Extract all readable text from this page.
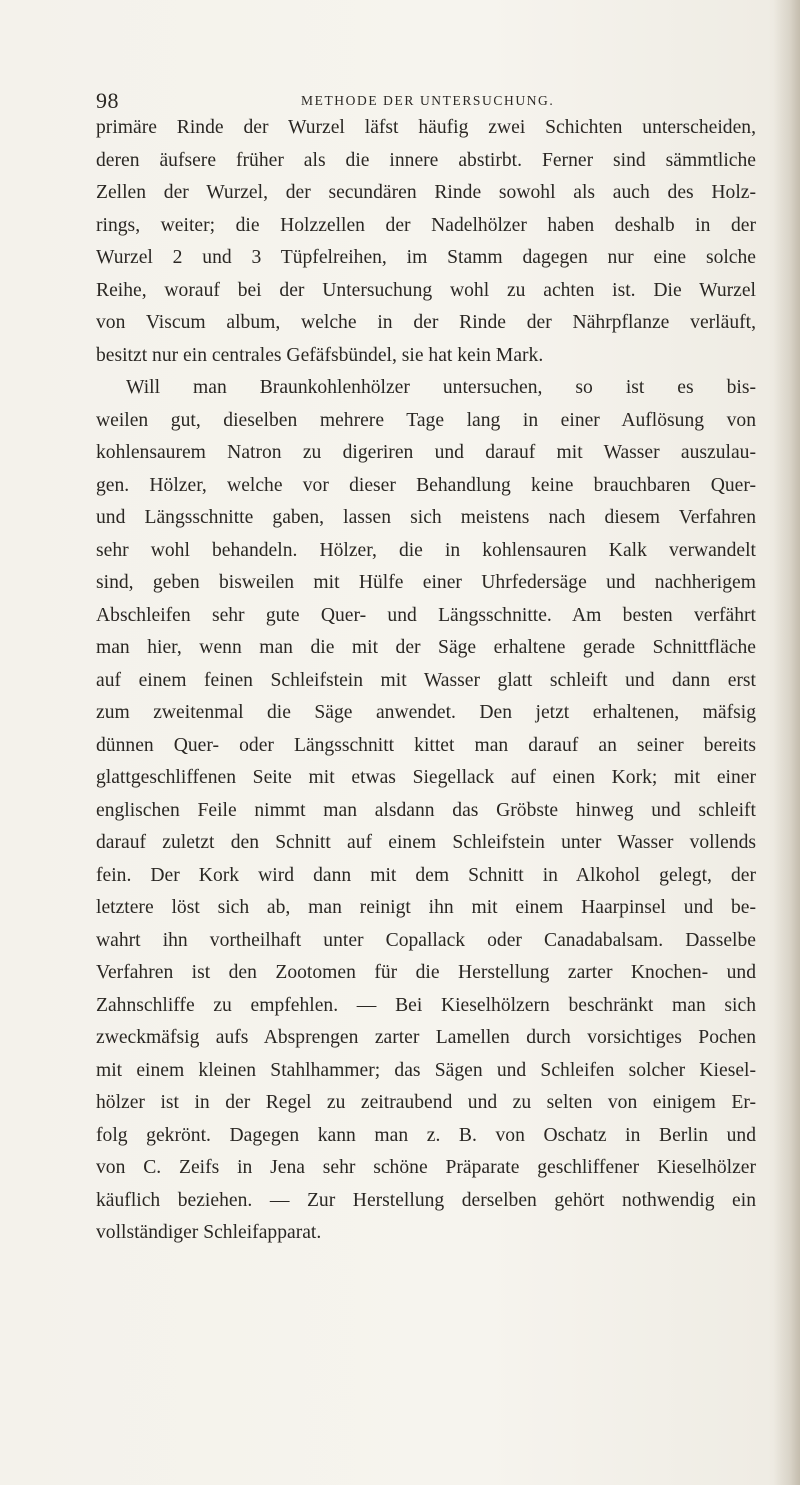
98	METHODE DER UNTERSUCHUNG.
primäre Rinde der Wurzel läfst häufig zwei Schichten unterscheiden,
deren äufsere früher als die innere abstirbt. Ferner sind sämmtliche
Zellen der Wurzel, der secundären Rinde sowohl als auch des Holz-
rings, weiter; die Holzzellen der Nadelhölzer haben deshalb in der
Wurzel 2 und 3 Tüpfelreihen, im Stamm dagegen nur eine solche
Reihe, worauf bei der Untersuchung wohl zu achten ist. Die Wurzel
von Viscum album, welche in der Rinde der Nährpflanze verläuft,
besitzt nur ein centrales Gefäfsbündel, sie hat kein Mark.
Will man Braunkohlenhölzer untersuchen, so ist es bis-
weilen gut, dieselben mehrere Tage lang in einer Auflösung von
kohlensaurem Natron zu digeriren und darauf mit Wasser auszulau-
gen. Hölzer, welche vor dieser Behandlung keine brauchbaren Quer-
und Längsschnitte gaben, lassen sich meistens nach diesem Verfahren
sehr wohl behandeln. Hölzer, die in kohlensauren Kalk verwandelt
sind, geben bisweilen mit Hülfe einer Uhrfedersäge und nachherigem
Abschleifen sehr gute Quer- und Längsschnitte. Am besten verfährt
man hier, wenn man die mit der Säge erhaltene gerade Schnittfläche
auf einem feinen Schleifstein mit Wasser glatt schleift und dann erst
zum zweitenmal die Säge anwendet. Den jetzt erhaltenen, mäfsig
dünnen Quer- oder Längsschnitt kittet man darauf an seiner bereits
glattgeschliffenen Seite mit etwas Siegellack auf einen Kork; mit einer
englischen Feile nimmt man alsdann das Gröbste hinweg und schleift
darauf zuletzt den Schnitt auf einem Schleifstein unter Wasser vollends
fein. Der Kork wird dann mit dem Schnitt in Alkohol gelegt, der
letztere löst sich ab, man reinigt ihn mit einem Haarpinsel und be-
wahrt ihn vortheilhaft unter Copallack oder Canadabalsam. Dasselbe
Verfahren ist den Zootomen für die Herstellung zarter Knochen- und
Zahnschliffe zu empfehlen. — Bei Kieselhölzern beschränkt man sich
zweckmäfsig aufs Absprengen zarter Lamellen durch vorsichtiges Pochen
mit einem kleinen Stahlhammer; das Sägen und Schleifen solcher Kiesel-
hölzer ist in der Regel zu zeitraubend und zu selten von einigem Er-
folg gekrönt. Dagegen kann man z. B. von Oschatz in Berlin und
von C. Zeifs in Jena sehr schöne Präparate geschliffener Kieselhölzer
käuflich beziehen. — Zur Herstellung derselben gehört nothwendig ein
vollständiger Schleifapparat.
